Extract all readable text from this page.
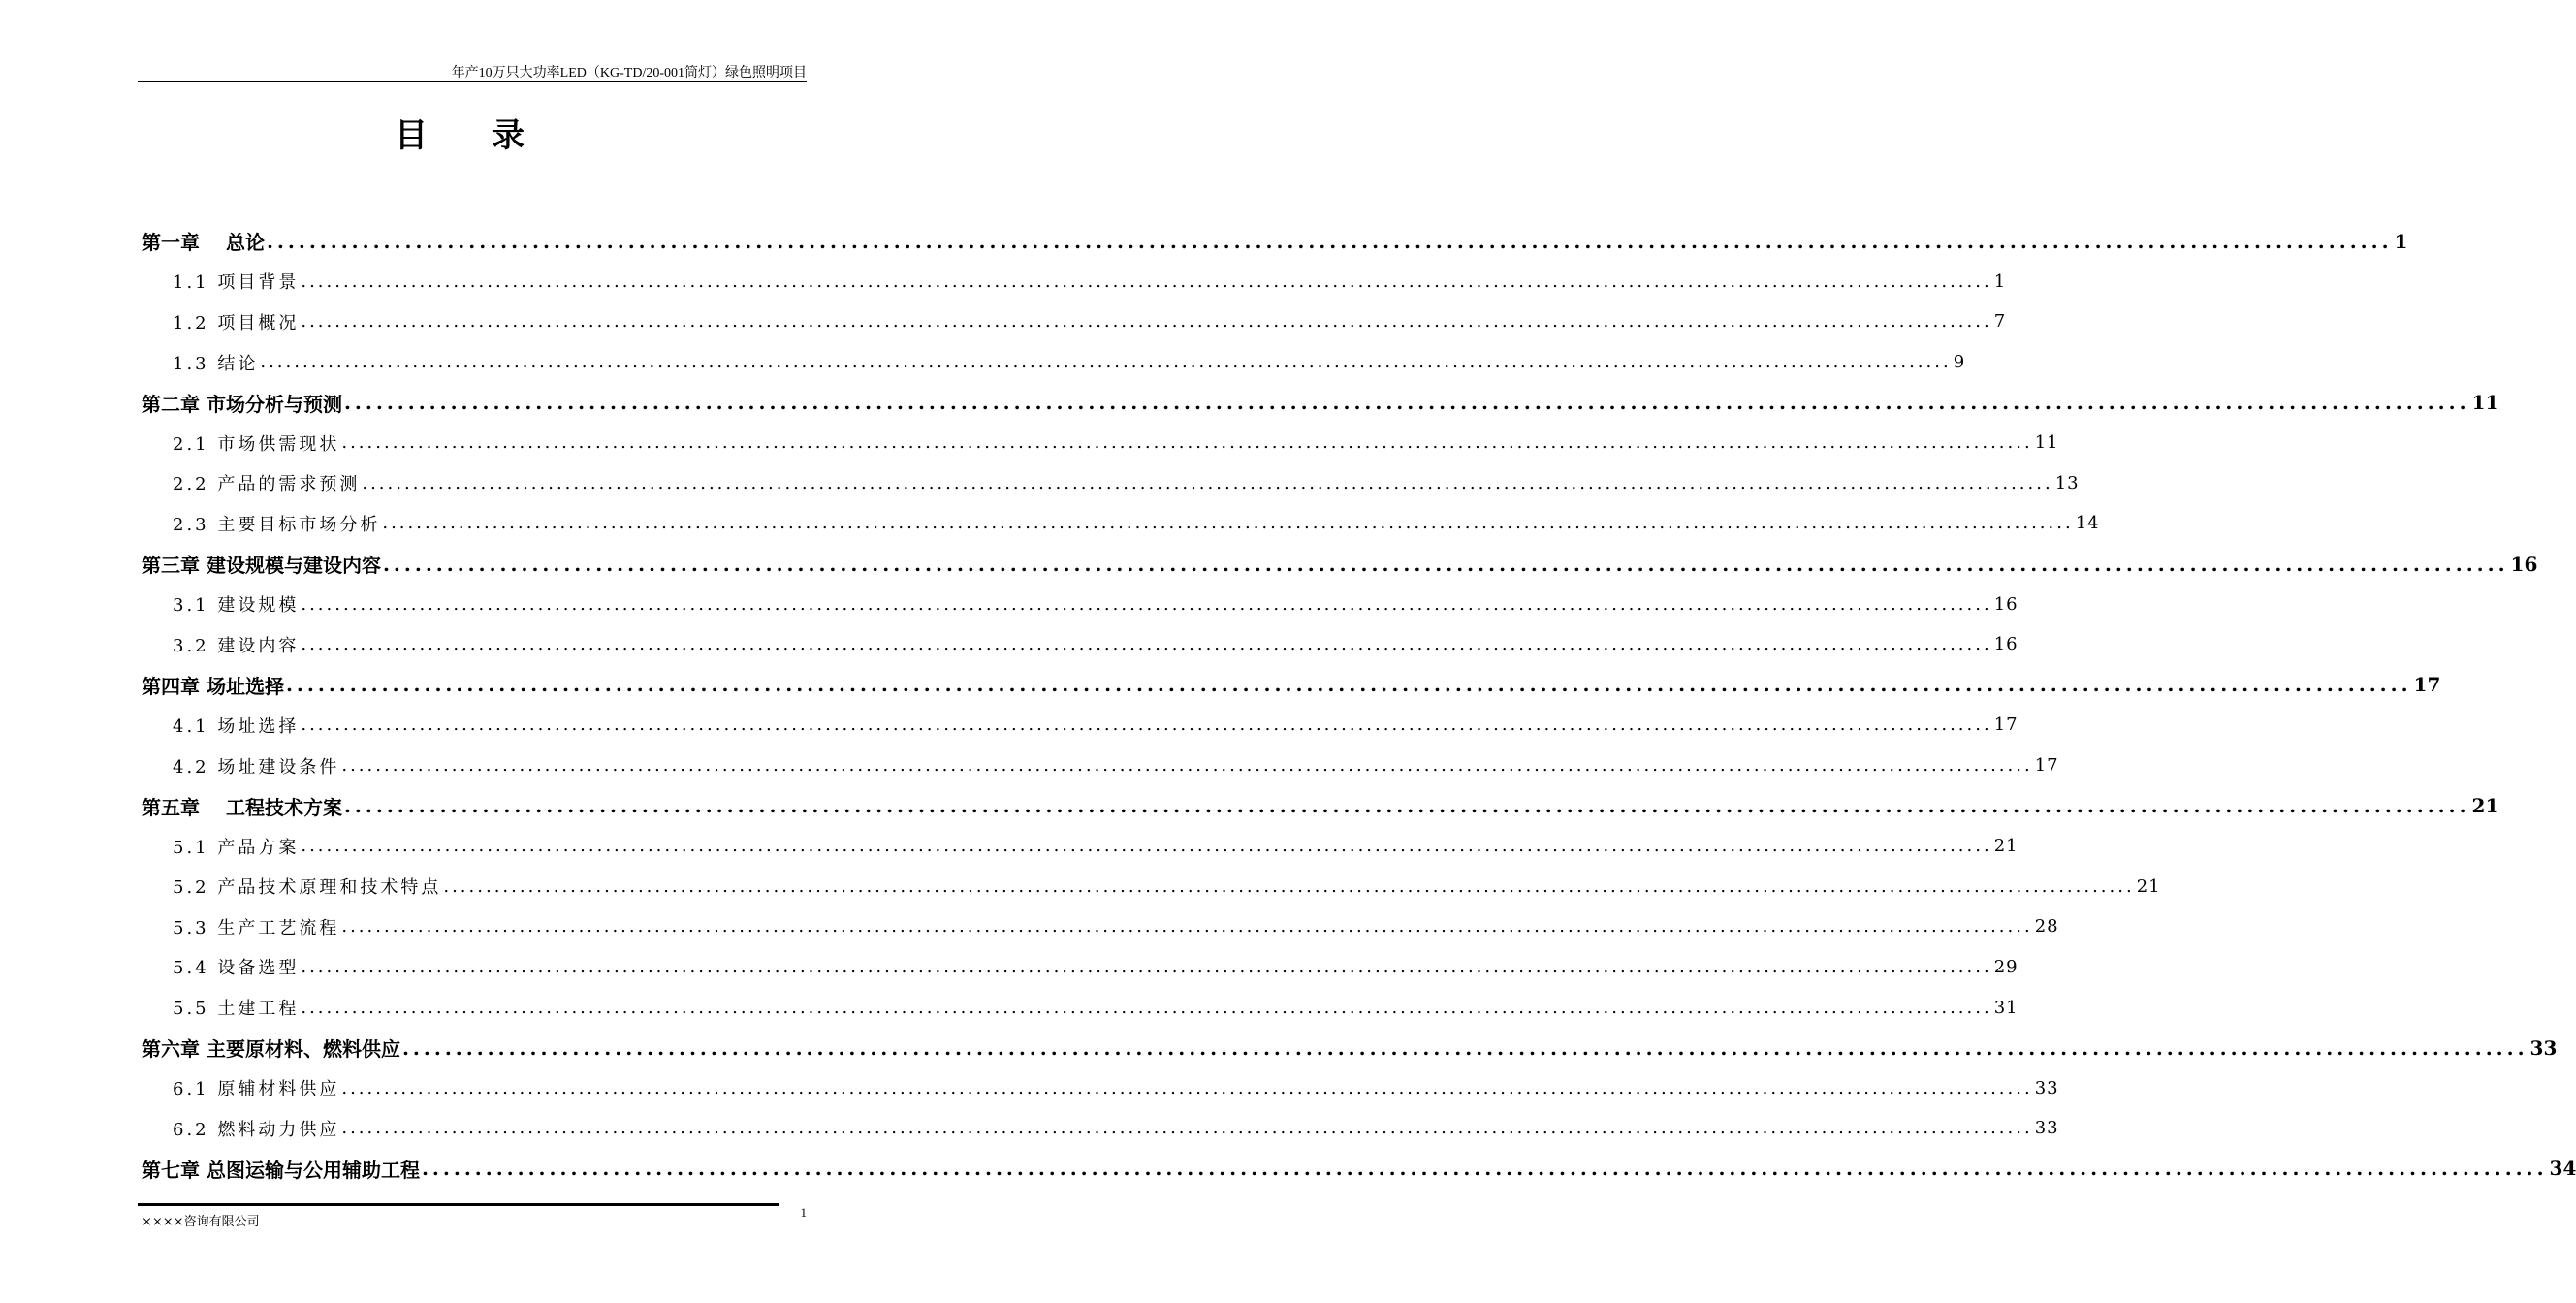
年产10万只大功率LED（KG-TD/20-001筒灯）绿色照明项目
目 录
第一章　 总论 ........................................................................................................................................................................................................ 1
1.1 项目背景 ........................................................................................................................................................................................................ 1
1.2 项目概况 ........................................................................................................................................................................................................ 7
1.3 结论 ........................................................................................................................................................................................................ 9
第二章 市场分析与预测 ........................................................................................................................................................................................................ 11
2.1 市场供需现状 ........................................................................................................................................................................................................ 11
2.2 产品的需求预测 ........................................................................................................................................................................................................ 13
2.3 主要目标市场分析 ........................................................................................................................................................................................................ 14
第三章 建设规模与建设内容 ........................................................................................................................................................................................................ 16
3.1 建设规模 ........................................................................................................................................................................................................ 16
3.2 建设内容 ........................................................................................................................................................................................................ 16
第四章 场址选择 ........................................................................................................................................................................................................ 17
4.1 场址选择 ........................................................................................................................................................................................................ 17
4.2 场址建设条件 ........................................................................................................................................................................................................ 17
第五章　 工程技术方案 ........................................................................................................................................................................................................ 21
5.1 产品方案 ........................................................................................................................................................................................................ 21
5.2 产品技术原理和技术特点 ........................................................................................................................................................................................................ 21
5.3 生产工艺流程 ........................................................................................................................................................................................................ 28
5.4 设备选型 ........................................................................................................................................................................................................ 29
5.5 土建工程 ........................................................................................................................................................................................................ 31
第六章 主要原材料、燃料供应 ........................................................................................................................................................................................................ 33
6.1 原辅材料供应 ........................................................................................................................................................................................................ 33
6.2 燃料动力供应 ........................................................................................................................................................................................................ 33
第七章 总图运输与公用辅助工程 ........................................................................................................................................................................................................ 34
××××咨询有限公司
1
